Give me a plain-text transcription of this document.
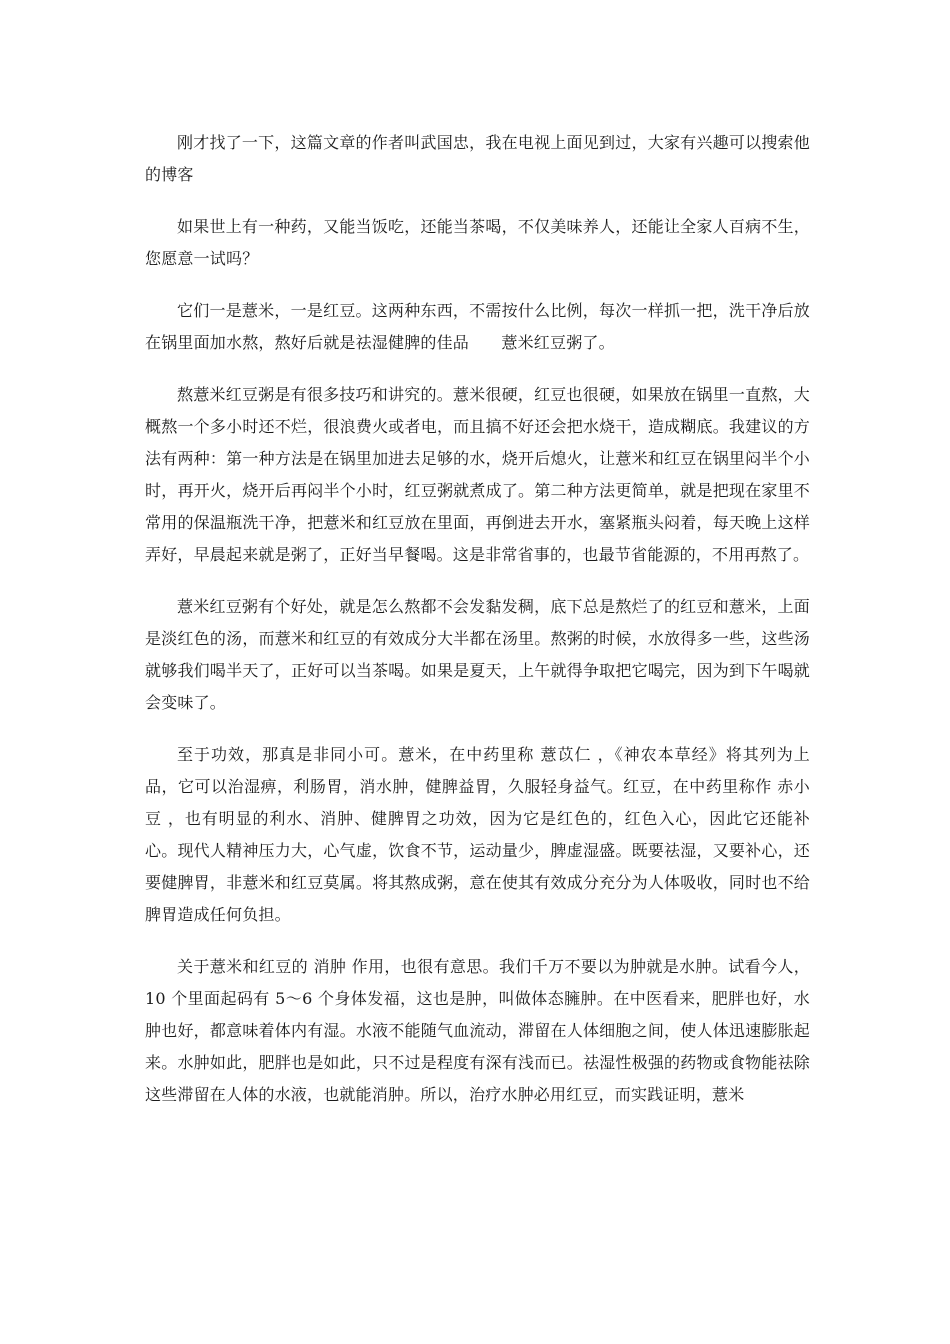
刚才找了一下，这篇文章的作者叫武国忠，我在电视上面见到过，大家有兴趣可以搜索他的博客

如果世上有一种药，又能当饭吃，还能当茶喝，不仅美味养人，还能让全家人百病不生，您愿意一试吗？

它们一是薏米，一是红豆。这两种东西，不需按什么比例，每次一样抓一把，洗干净后放在锅里面加水熬，熬好后就是祛湿健脾的佳品　　薏米红豆粥了。

熬薏米红豆粥是有很多技巧和讲究的。薏米很硬，红豆也很硬，如果放在锅里一直熬，大概熬一个多小时还不烂，很浪费火或者电，而且搞不好还会把水烧干，造成糊底。我建议的方法有两种：第一种方法是在锅里加进去足够的水，烧开后熄火，让薏米和红豆在锅里闷半个小时，再开火，烧开后再闷半个小时，红豆粥就煮成了。第二种方法更简单，就是把现在家里不常用的保温瓶洗干净，把薏米和红豆放在里面，再倒进去开水，塞紧瓶头闷着，每天晚上这样弄好，早晨起来就是粥了，正好当早餐喝。这是非常省事的，也最节省能源的，不用再熬了。

薏米红豆粥有个好处，就是怎么熬都不会发黏发稠，底下总是熬烂了的红豆和薏米，上面是淡红色的汤，而薏米和红豆的有效成分大半都在汤里。熬粥的时候，水放得多一些，这些汤就够我们喝半天了，正好可以当茶喝。如果是夏天，上午就得争取把它喝完，因为到下午喝就会变味了。

至于功效，那真是非同小可。薏米，在中药里称 薏苡仁 ，《神农本草经》将其列为上品，它可以治湿痹，利肠胃，消水肿，健脾益胃，久服轻身益气。红豆，在中药里称作 赤小豆 ，也有明显的利水、消肿、健脾胃之功效，因为它是红色的，红色入心，因此它还能补心。现代人精神压力大，心气虚，饮食不节，运动量少，脾虚湿盛。既要祛湿，又要补心，还要健脾胃，非薏米和红豆莫属。将其熬成粥，意在使其有效成分充分为人体吸收，同时也不给脾胃造成任何负担。

关于薏米和红豆的 消肿 作用，也很有意思。我们千万不要以为肿就是水肿。试看今人，10 个里面起码有 5～6 个身体发福，这也是肿，叫做体态臃肿。在中医看来，肥胖也好，水肿也好，都意味着体内有湿。水液不能随气血流动，滞留在人体细胞之间，使人体迅速膨胀起来。水肿如此，肥胖也是如此，只不过是程度有深有浅而已。祛湿性极强的药物或食物能祛除这些滞留在人体的水液，也就能消肿。所以，治疗水肿必用红豆，而实践证明，薏米
